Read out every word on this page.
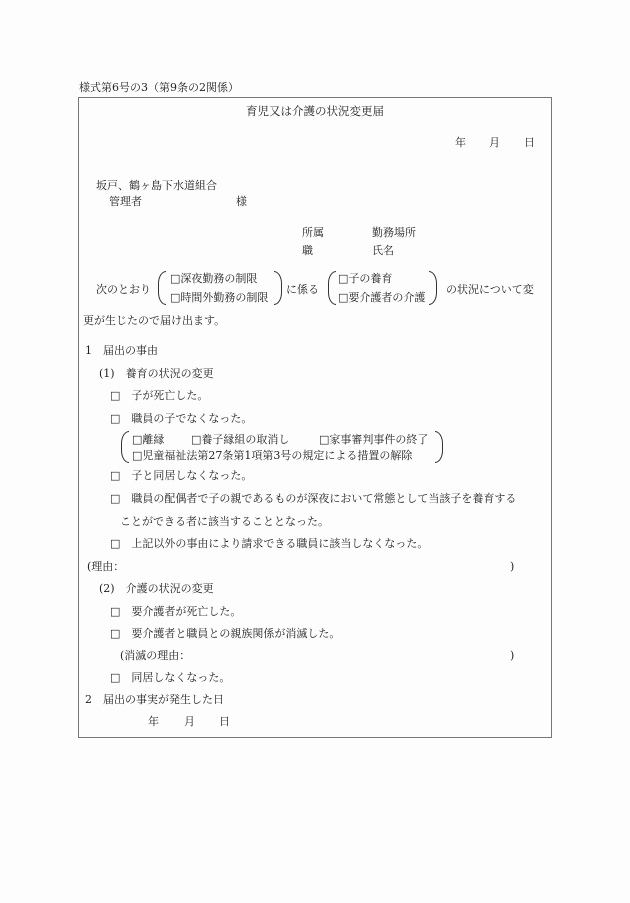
様式第6号の3（第9条の2関係）
育児又は介護の状況変更届
年 月 日
坂戸、鶴ヶ島下水道組合
管理者	様
所属	勤務場所
職	氏名
次のとおり
□深夜勤務の制限
□時間外勤務の制限
に係る
□子の養育
□要介護者の介護
の状況について変
更が生じたので届け出ます。
1　届出の事由
(1)　養育の状況の変更
□　子が死亡した。
□　職員の子でなくなった。
□離縁 □養子縁組の取消し	□家事審判事件の終了
□児童福祉法第27条第1項第3号の規定による措置の解除
□　子と同居しなくなった。
□　職員の配偶者で子の親であるものが深夜において常態として当該子を養育する
ことができる者に該当することとなった。
□　上記以外の事由により請求できる職員に該当しなくなった。
(理由：	)
(2)　介護の状況の変更
□　要介護者が死亡した。
□　要介護者と職員との親族関係が消滅した。
(消滅の理由：	)
□　同居しなくなった。
2　届出の事実が発生した日
年 月 日
